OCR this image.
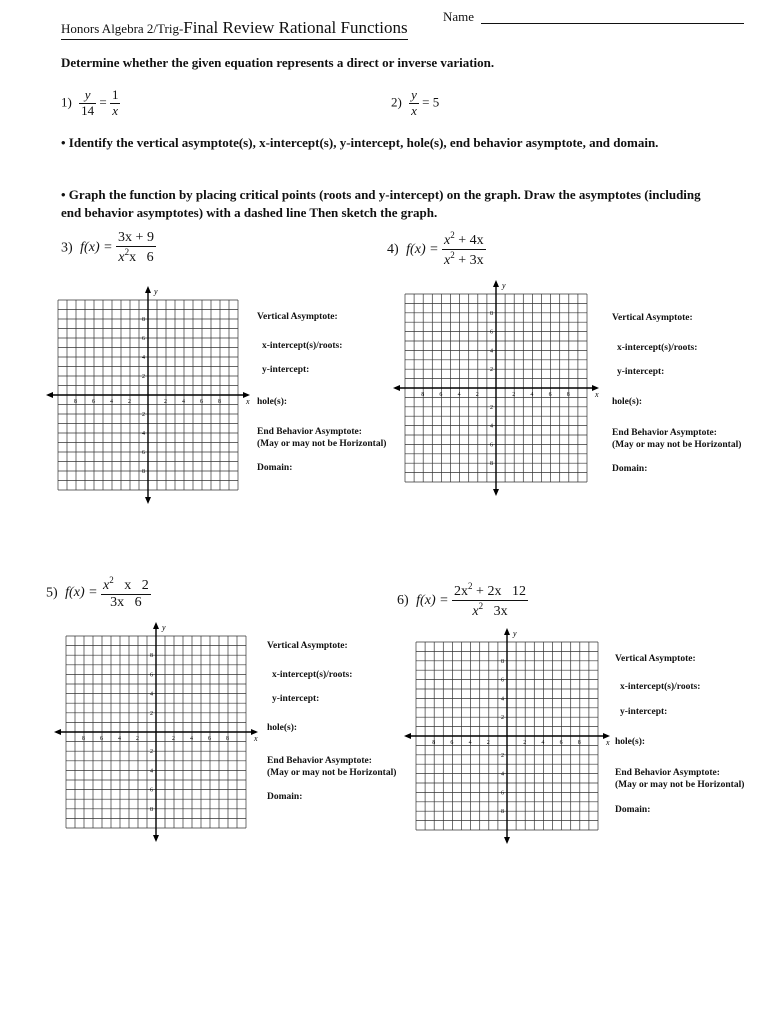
Name
Honors Algebra 2/Trig-Final Review Rational Functions
Determine whether the given equation represents a direct or inverse variation.
$1) \frac{y}{14} = \frac{1}{x}$	$2) \frac{y}{x} = 5$
• Identify the vertical asymptote(s), x-intercept(s), y-intercept, hole(s), end behavior asymptote, and domain.
• Graph the function by placing critical points (roots and y-intercept) on the graph. Draw the asymptotes (including end behavior asymptotes) with a dashed line Then sketch the graph.
3) $f(x) = \frac{3x + 9}{x^2x 6}$	4) $f(x) = \frac{x^2 + 4x}{x^2 + 3x}$
5) $f(x) = \frac{x^2 x 2}{3x 6}$	6) $f(x) = \frac{2x^2 + 2x 12}{x^2 3x}$
x
y
8	6	4	2	2	4	6	8
8
6
4
2
2
4
6
8
x
y
8	6	4	2	2	4	6	8
8
6
4
2
2
4
6
8
x
y
8	6	4	2	2	4	6	8
8
6
4
2
2
4
6
8
x
y
8	6	4	2	2	4	6	8
8
6
4
2
2
4
6
8
Vertical Asymptote:
x-intercept(s)/roots:
y-intercept:
hole(s):
End Behavior Asymptote:
(May or may not be Horizontal)
Domain:
Vertical Asymptote:
x-intercept(s)/roots:
y-intercept:
hole(s):
End Behavior Asymptote:
(May or may not be Horizontal)
Domain:
Vertical Asymptote:
x-intercept(s)/roots:
y-intercept:
hole(s):
End Behavior Asymptote:
(May or may not be Horizontal)
Domain:
Vertical Asymptote:
x-intercept(s)/roots:
y-intercept:
hole(s):
End Behavior Asymptote:
(May or may not be Horizontal)
Domain:
